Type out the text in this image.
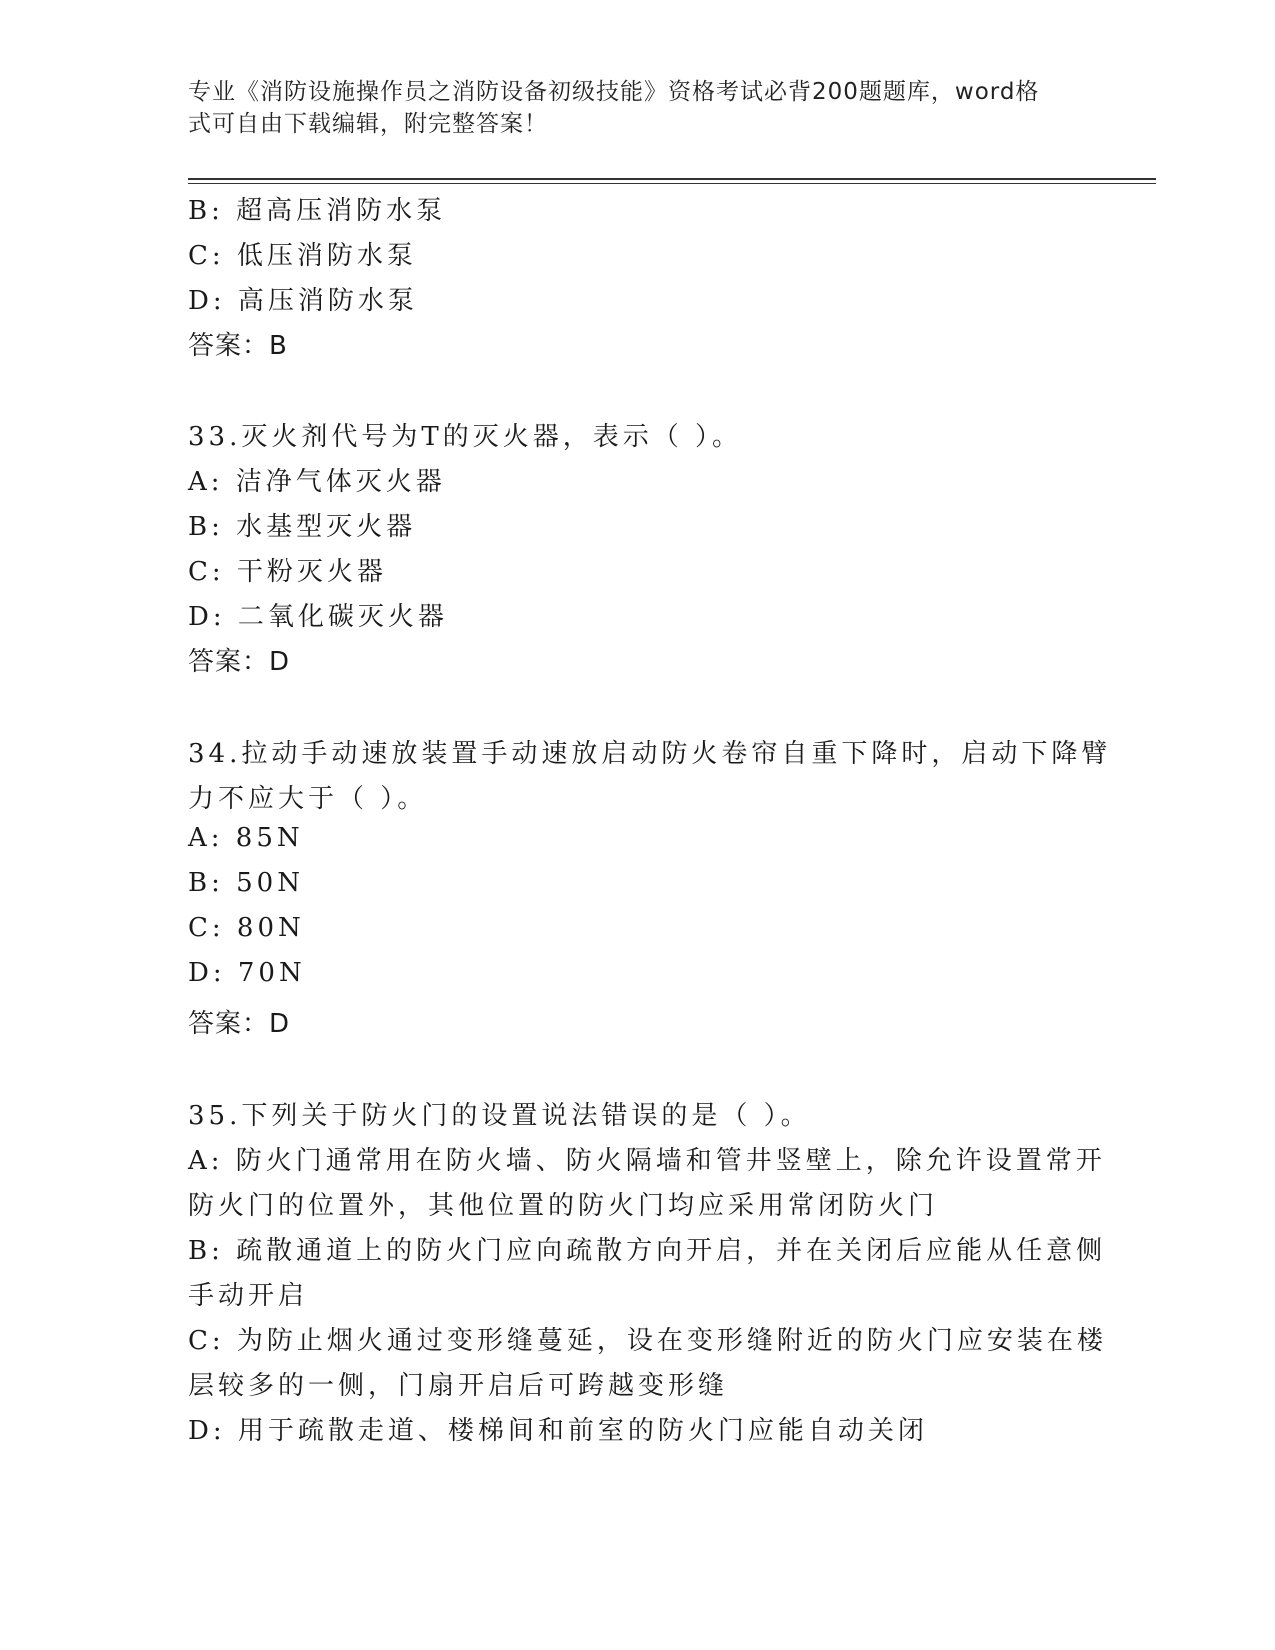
专业《消防设施操作员之消防设备初级技能》资格考试必背200题题库，word格
式可自由下载编辑，附完整答案！
B: 超高压消防水泵
C: 低压消防水泵
D: 高压消防水泵
答案：B
33.灭火剂代号为T的灭火器，表示（ ）。
A: 洁净气体灭火器
B: 水基型灭火器
C: 干粉灭火器
D: 二氧化碳灭火器
答案：D
34.拉动手动速放装置手动速放启动防火卷帘自重下降时，启动下降臂
力不应大于（ ）。
A: 85N
B: 50N
C: 80N
D: 70N
答案：D
35.下列关于防火门的设置说法错误的是（ ）。
A: 防火门通常用在防火墙、防火隔墙和管井竖壁上，除允许设置常开
防火门的位置外，其他位置的防火门均应采用常闭防火门
B: 疏散通道上的防火门应向疏散方向开启，并在关闭后应能从任意侧
手动开启
C: 为防止烟火通过变形缝蔓延，设在变形缝附近的防火门应安装在楼
层较多的一侧，门扇开启后可跨越变形缝
D: 用于疏散走道、楼梯间和前室的防火门应能自动关闭
